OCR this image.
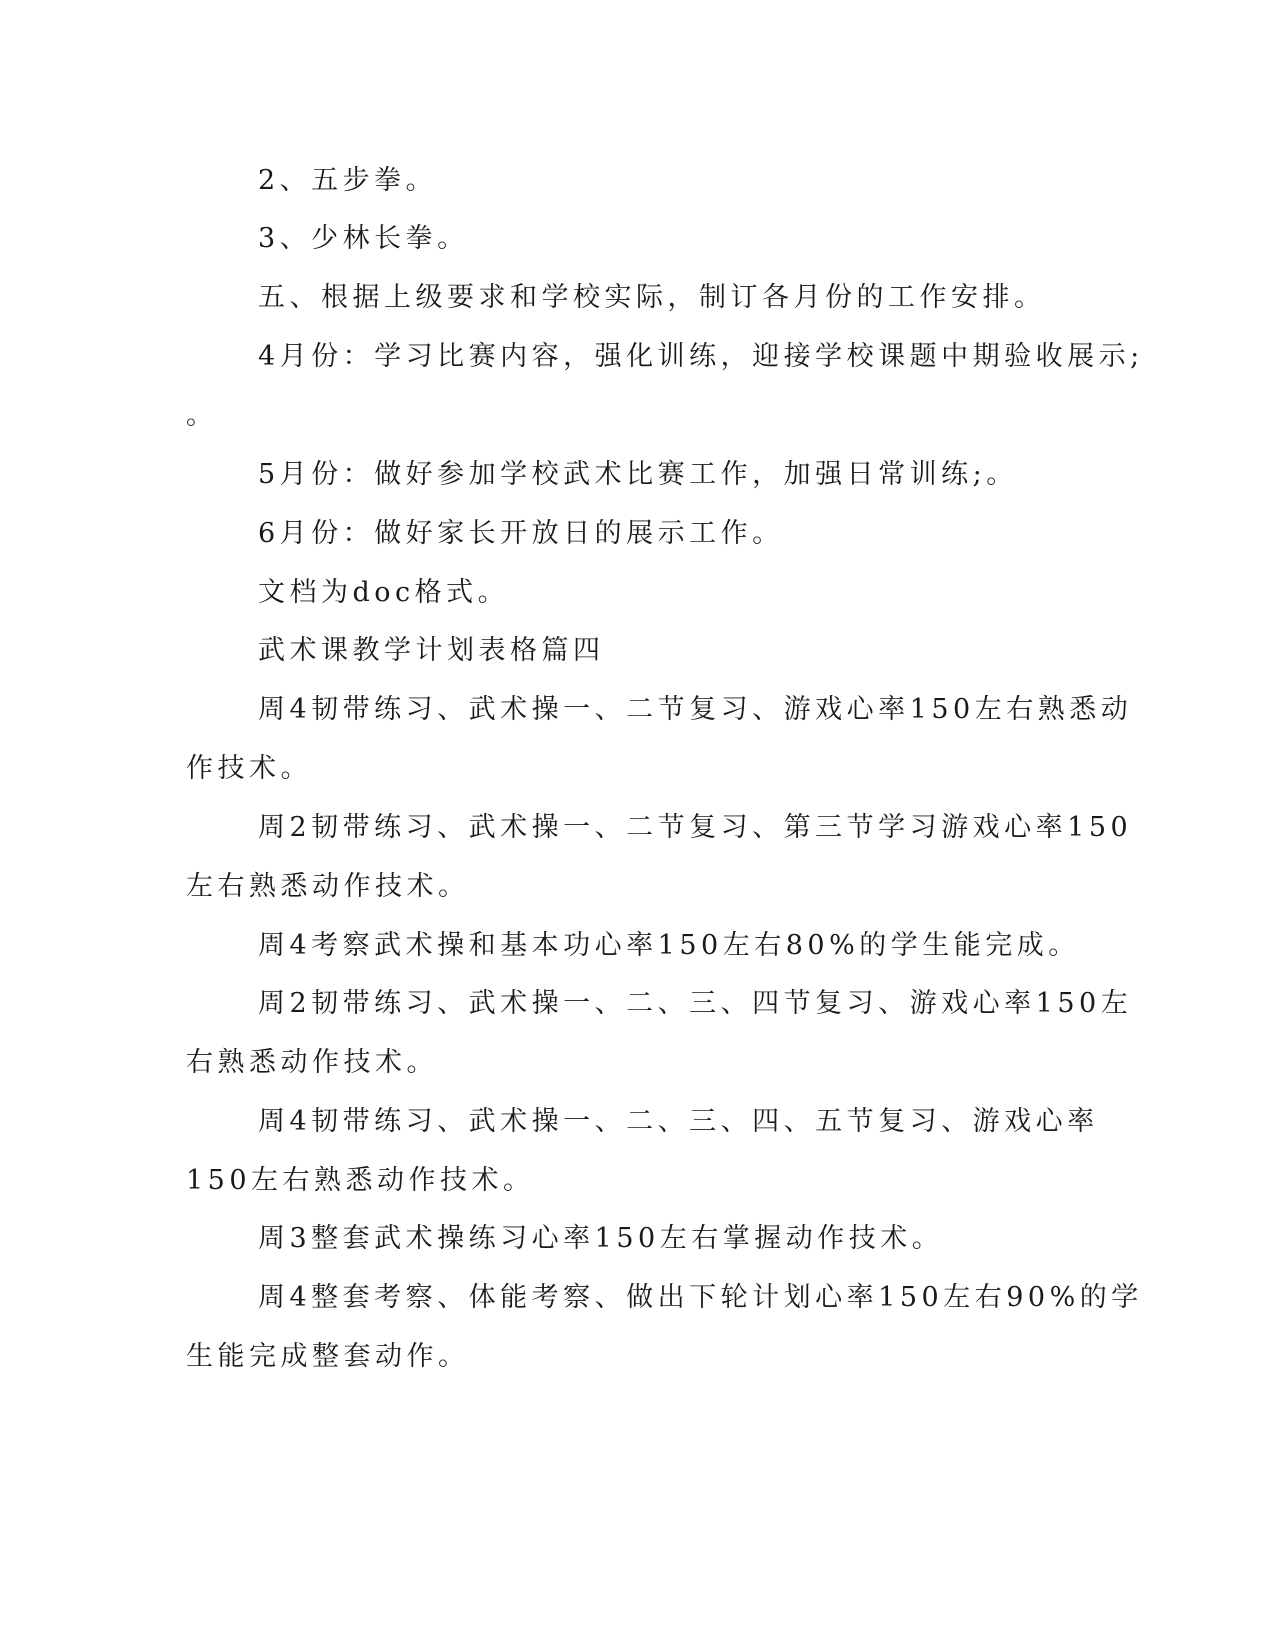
2、五步拳。
3、少林长拳。
五、根据上级要求和学校实际，制订各月份的工作安排。
4月份：学习比赛内容，强化训练，迎接学校课题中期验收展示;
。
5月份：做好参加学校武术比赛工作，加强日常训练;。
6月份：做好家长开放日的展示工作。
文档为doc格式。
武术课教学计划表格篇四
周4韧带练习、武术操一、二节复习、游戏心率150左右熟悉动
作技术。
周2韧带练习、武术操一、二节复习、第三节学习游戏心率150
左右熟悉动作技术。
周4考察武术操和基本功心率150左右80%的学生能完成。
周2韧带练习、武术操一、二、三、四节复习、游戏心率150左
右熟悉动作技术。
周4韧带练习、武术操一、二、三、四、五节复习、游戏心率
150左右熟悉动作技术。
周3整套武术操练习心率150左右掌握动作技术。
周4整套考察、体能考察、做出下轮计划心率150左右90%的学
生能完成整套动作。
